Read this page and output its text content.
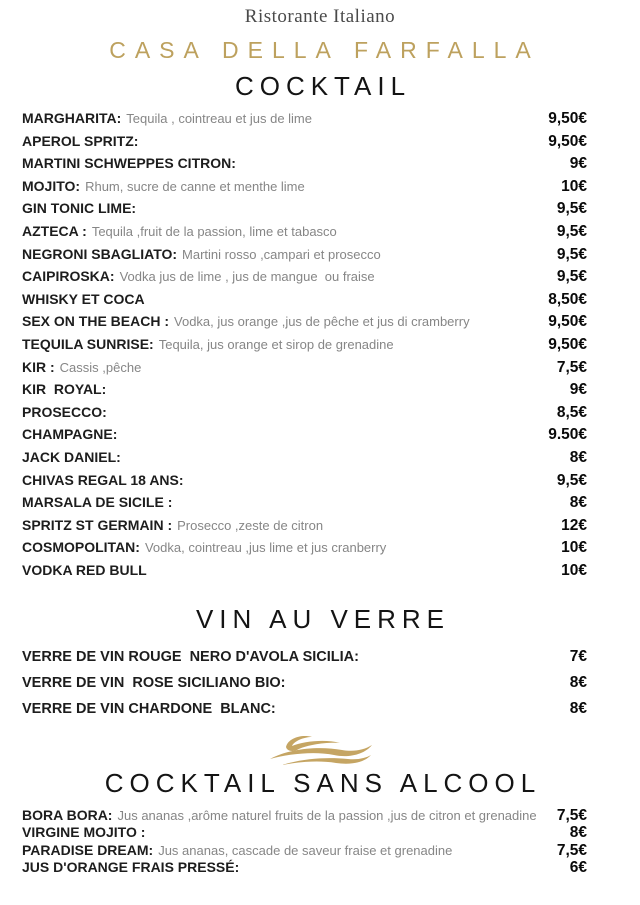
Ristorante Italiano
CASA DELLA FARFALLA
COCKTAIL
MARGHARITA: Tequila , cointreau et jus de lime	9,50€
APEROL SPRITZ:	9,50€
MARTINI SCHWEPPES CITRON:	9€
MOJITO: Rhum, sucre de canne et menthe lime	10€
GIN TONIC LIME:	9,5€
AZTECA : Tequila ,fruit de la passion, lime et tabasco	9,5€
NEGRONI SBAGLIATO: Martini rosso ,campari et prosecco	9,5€
CAIPIROSKA: Vodka jus de lime , jus de mangue  ou fraise	9,5€
WHISKY ET COCA	8,50€
SEX ON THE BEACH : Vodka, jus orange ,jus de pêche et jus di cramberry	9,50€
TEQUILA SUNRISE: Tequila, jus orange et sirop de grenadine	9,50€
KIR : Cassis ,pêche	7,5€
KIR  ROYAL:	9€
PROSECCO:	8,5€
CHAMPAGNE:	9.50€
JACK DANIEL:	8€
CHIVAS REGAL 18 ANS:	9,5€
MARSALA DE SICILE :	8€
SPRITZ ST GERMAIN : Prosecco ,zeste de citron	12€
COSMOPOLITAN: Vodka, cointreau ,jus lime et jus cranberry	10€
VODKA RED BULL	10€
VIN AU VERRE
VERRE DE VIN ROUGE  NERO D'AVOLA SICILIA:	7€
VERRE DE VIN  ROSE SICILIANO BIO:	8€
VERRE DE VIN CHARDONE  BLANC:	8€
COCKTAIL SANS ALCOOL
BORA BORA: Jus ananas ,arôme naturel fruits de la passion ,jus de citron et grenadine	7,5€
VIRGINE MOJITO :	8€
PARADISE DREAM: Jus ananas, cascade de saveur fraise et grenadine	7,5€
JUS D'ORANGE FRAIS PRESSÉ:	6€
